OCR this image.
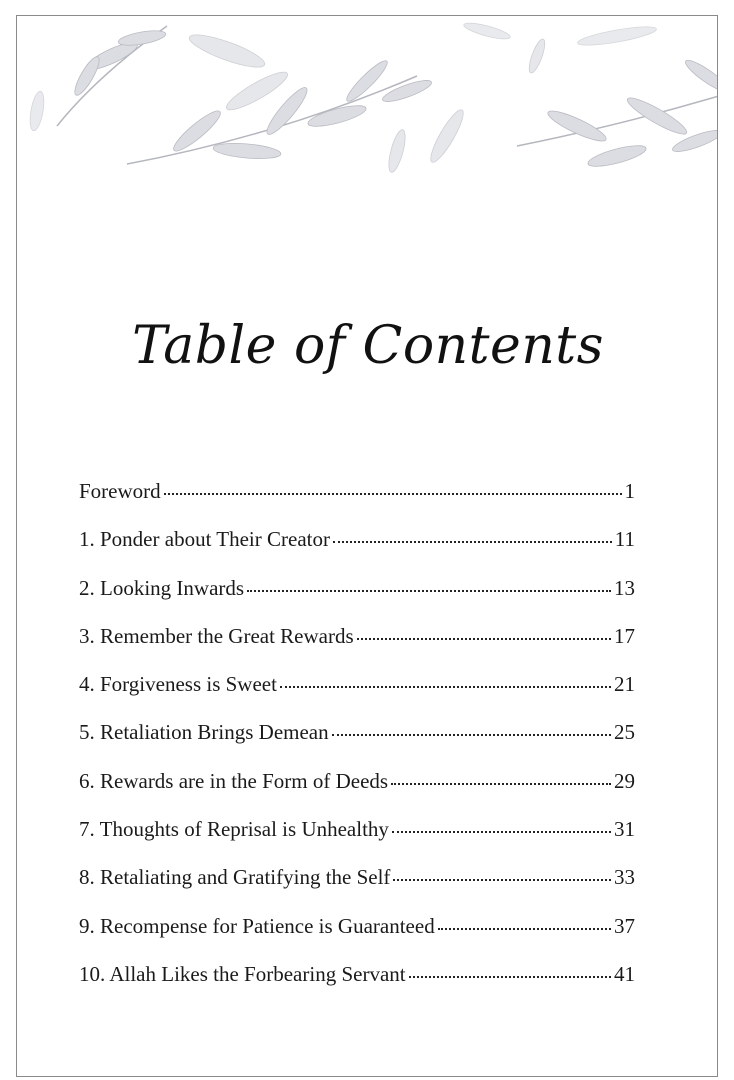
Table of Contents
Foreword	1
1. Ponder about Their Creator	11
2. Looking Inwards	13
3. Remember the Great Rewards	17
4. Forgiveness is Sweet	21
5. Retaliation Brings Demean	25
6. Rewards are in the Form of Deeds	29
7. Thoughts of Reprisal is Unhealthy	31
8. Retaliating and Gratifying the Self	33
9. Recompense for Patience is Guaranteed	37
10. Allah Likes the Forbearing Servant	41
